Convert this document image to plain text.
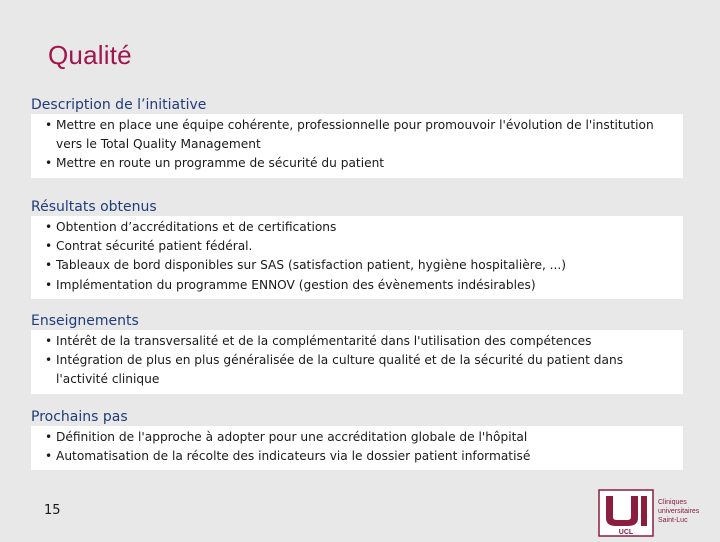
Qualité
Description de l’initiative
• Mettre en place une équipe cohérente, professionnelle pour promouvoir l'évolution de l'institution vers le Total Quality Management
• Mettre en route un programme de sécurité du patient
Résultats obtenus
• Obtention d’accréditations et de certifications
• Contrat sécurité patient fédéral.
• Tableaux de bord disponibles sur SAS (satisfaction patient, hygiène hospitalière, ...)
• Implémentation du programme ENNOV (gestion des évènements indésirables)
Enseignements
• Intérêt de la transversalité et de la complémentarité dans l'utilisation des compétences
• Intégration de plus en plus généralisée de la culture qualité et de la sécurité du patient dans l'activité clinique
Prochains pas
• Définition de l'approche à adopter pour une accréditation globale de l'hôpital
• Automatisation de la récolte des indicateurs via le dossier patient informatisé
15
UCL
Cliniques
universitaires
Saint-Luc
